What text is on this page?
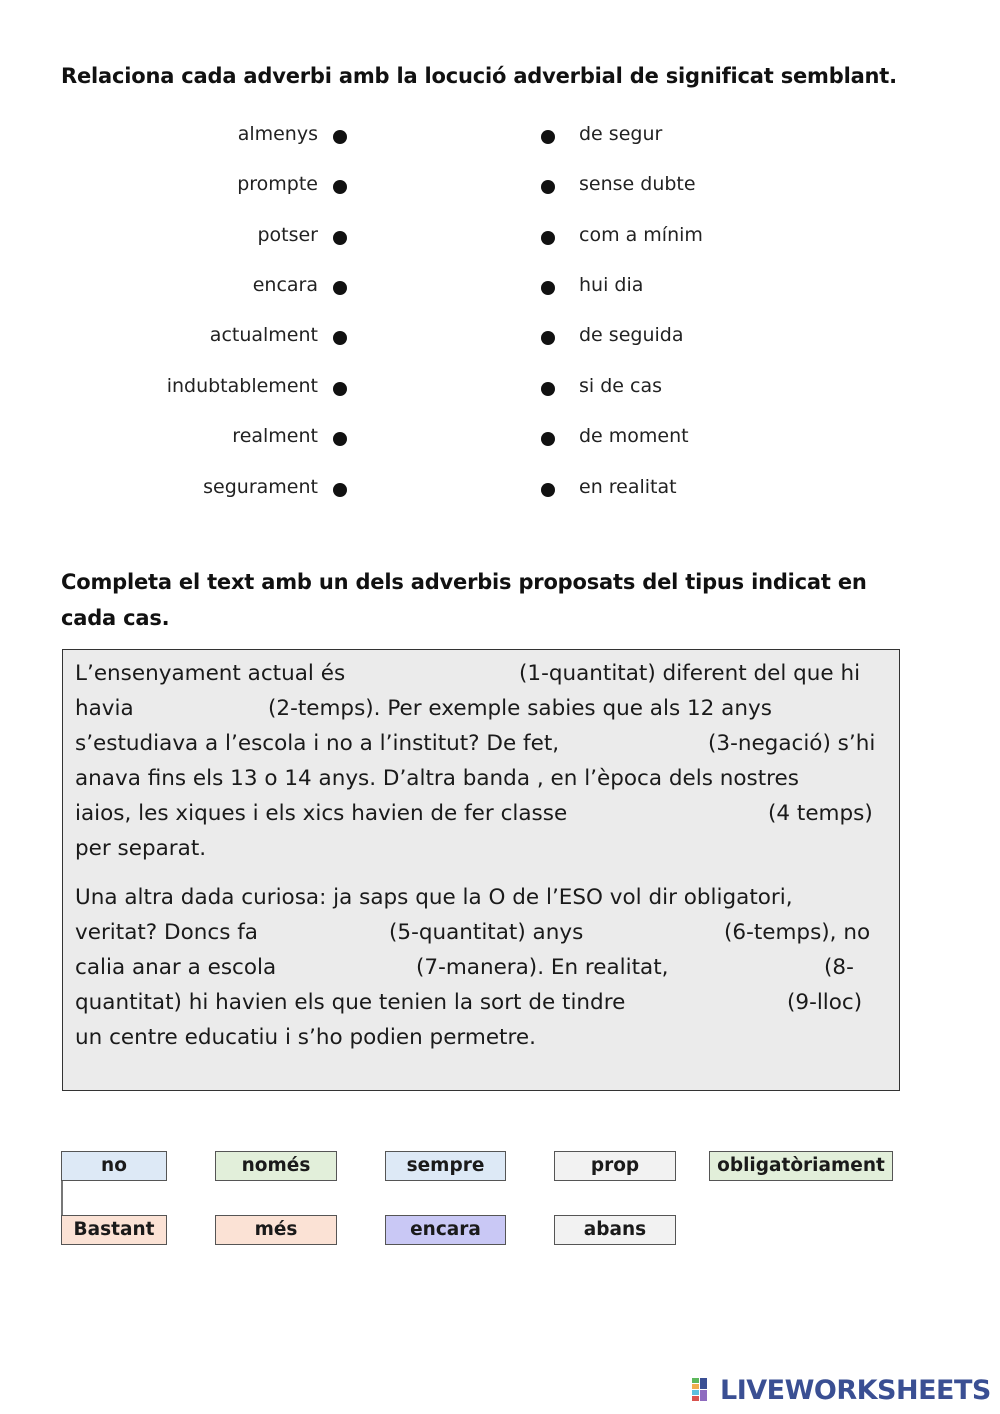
Relaciona cada adverbi amb la locució adverbial de significat semblant.
almenys
prompte
potser
encara
actualment
indubtablement
realment
segurament
de segur
sense dubte
com a mínim
hui dia
de seguida
si de cas
de moment
en realitat
Completa el text amb un dels adverbis proposats del tipus indicat en
cada cas.
L’ensenyament actual és	(1-quantitat) diferent del que hi
havia	(2-temps). Per exemple sabies que als 12 anys
s’estudiava a l’escola i no a l’institut? De fet,	(3-negació) s’hi
anava fins els 13 o 14 anys. D’altra banda , en l’època dels nostres
iaios, les xiques i els xics havien de fer classe	(4 temps)
per separat.
Una altra dada curiosa: ja saps que la O de l’ESO vol dir obligatori,
veritat? Doncs fa	(5-quantitat) anys	(6-temps), no
calia anar a escola	(7-manera). En realitat,	(8-
quantitat) hi havien els que tenien la sort de tindre	(9-lloc)
un centre educatiu i s’ho podien permetre.
no	només	sempre	prop	obligatòriament
Bastant	més	encara	abans
LIVEWORKSHEETS
